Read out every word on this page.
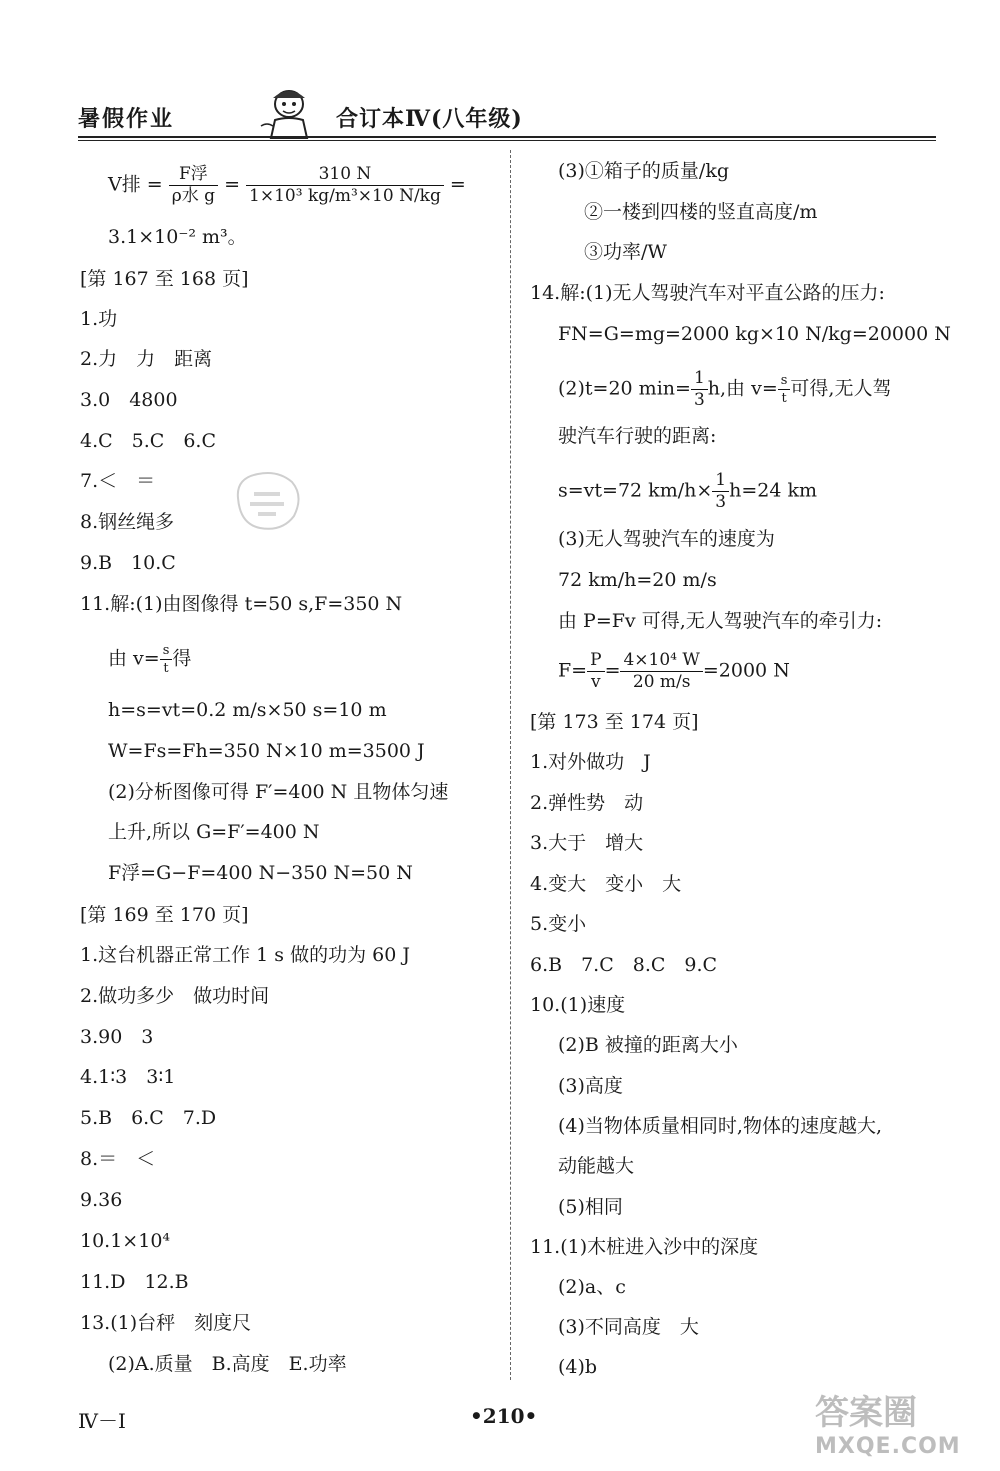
暑假作业	合订本Ⅳ(八年级)
V排 = $\frac{\text{F浮}}{\text{ρ水 g}} = \frac{310 N}{\text{1×10³ kg/m³×10 N/kg}}$ =
3.1×10⁻² m³。
[第 167 至 168 页]
1.功
2.力　力　距离
3.0　4800
4.C　5.C　6.C
7.＜　＝
8.钢丝绳多
9.B　10.C
11.解:(1)由图像得 t=50 s,F=350 N
由 $v= \frac{s}{t}$ 得
h=s=vt=0.2 m/s×50 s=10 m
W=Fs=Fh=350 N×10 m=3500 J
(2)分析图像可得 F′=400 N 且物体匀速
上升,所以 G=F′=400 N
F浮=G−F=400 N−350 N=50 N
[第 169 至 170 页]
1.这台机器正常工作 1 s 做的功为 60 J
2.做功多少　做功时间
3.90　3
4.1∶3　3∶1
5.B　6.C　7.D
8.＝　＜
9.36
10.1×10⁴
11.D　12.B
13.(1)台秤　刻度尺
(2)A.质量　B.高度　E.功率
(3)①箱子的质量/kg
②一楼到四楼的竖直高度/m
③功率/W
14.解:(1)无人驾驶汽车对平直公路的压力:
FN=G=mg=2000 kg×10 N/kg=20000 N
(2)t=20 $\min= \frac{1}{3} h$,由 $v= \frac{s}{t}$ 可得,无人驾
驶汽车行驶的距离:
s=vt=72 $km/h\times \frac{1}{3} h=24$ km
(3)无人驾驶汽车的速度为
72 km/h=20 m/s
由 P=Fv 可得,无人驾驶汽车的牵引力:
$F= \frac{P}{v} = \frac{\text{4×10⁴ W}}{20 m/s} =2000$ N
[第 173 至 174 页]
1.对外做功　J
2.弹性势　动
3.大于　增大
4.变大　变小　大
5.变小
6.B　7.C　8.C　9.C
10.(1)速度
(2)B 被撞的距离大小
(3)高度
(4)当物体质量相同时,物体的速度越大,
动能越大
(5)相同
11.(1)木桩进入沙中的深度
(2)a、c
(3)不同高度　大
(4)b
Ⅳ－Ⅰ	•210•	答案圈
MXQE.COM
